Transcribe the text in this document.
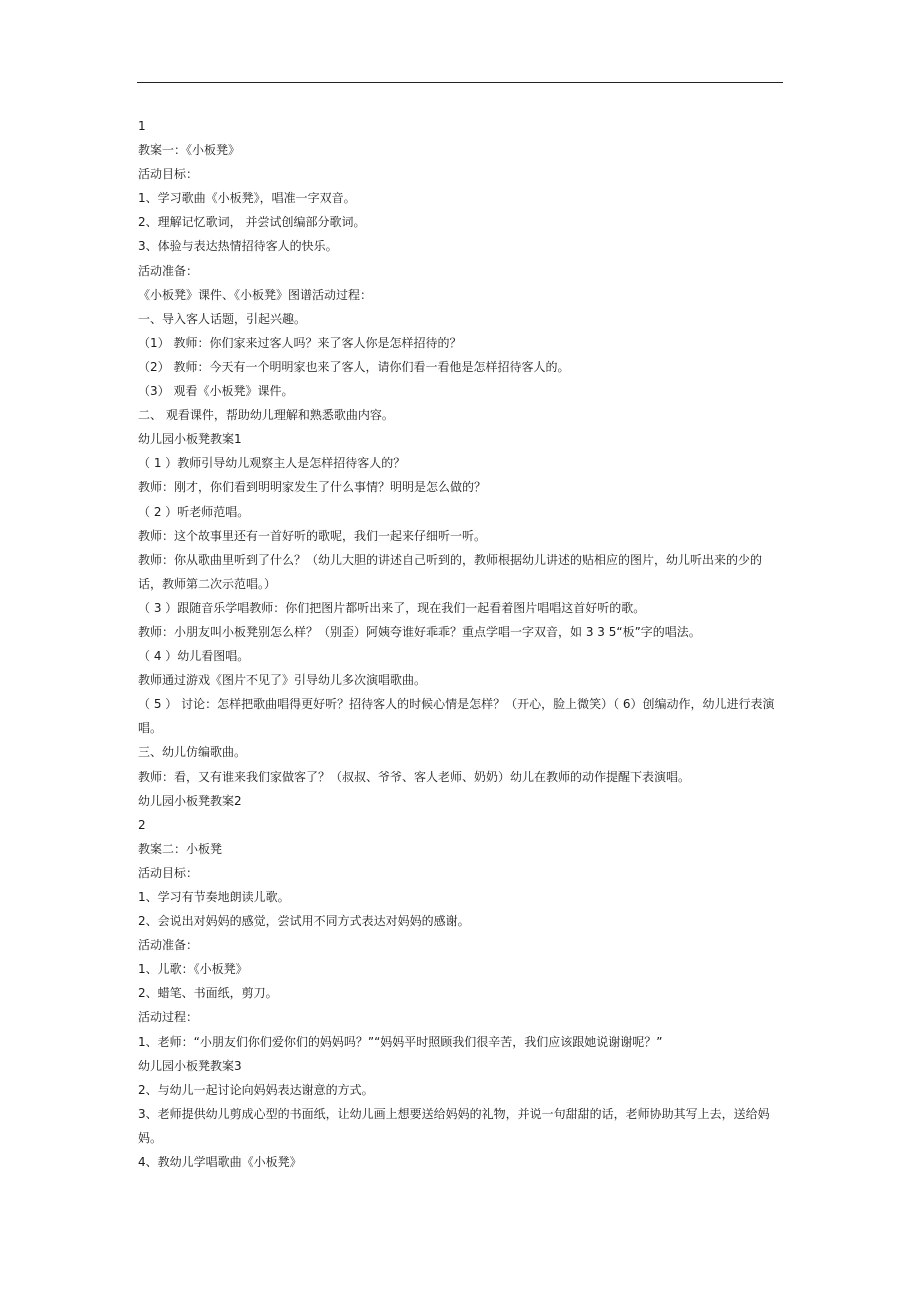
1
教案一：《小板凳》
活动目标：
1、学习歌曲《小板凳》，唱准一字双音。
2、理解记忆歌词， 并尝试创编部分歌词。
3、体验与表达热情招待客人的快乐。
活动准备：
《小板凳》课件、《小板凳》图谱活动过程：
一、导入客人话题，引起兴趣。
（1） 教师：你们家来过客人吗？来了客人你是怎样招待的？
（2） 教师：今天有一个明明家也来了客人，请你们看一看他是怎样招待客人的。
（3） 观看《小板凳》课件。
二、 观看课件，帮助幼儿理解和熟悉歌曲内容。
幼儿园小板凳教案1
（ 1 ）教师引导幼儿观察主人是怎样招待客人的？
教师：刚才，你们看到明明家发生了什么事情？明明是怎么做的？
（ 2 ）听老师范唱。
教师：这个故事里还有一首好听的歌呢，我们一起来仔细听一听。
教师：你从歌曲里听到了什么？（幼儿大胆的讲述自己听到的，教师根据幼儿讲述的贴相应的图片，幼儿听出来的少的话，教师第二次示范唱。）
（ 3 ）跟随音乐学唱教师：你们把图片都听出来了，现在我们一起看着图片唱唱这首好听的歌。
教师：小朋友叫小板凳别怎么样？（别歪）阿姨夸谁好乖乖？重点学唱一字双音，如 3 3 5“板”字的唱法。
（ 4 ）幼儿看图唱。
教师通过游戏《图片不见了》引导幼儿多次演唱歌曲。
（ 5 ） 讨论：怎样把歌曲唱得更好听？招待客人的时候心情是怎样？（开心，脸上微笑）（ 6）创编动作，幼儿进行表演唱。
三、幼儿仿编歌曲。
教师：看，又有谁来我们家做客了？（叔叔、爷爷、客人老师、奶奶）幼儿在教师的动作提醒下表演唱。
幼儿园小板凳教案2
2
教案二：小板凳
活动目标：
1、学习有节奏地朗读儿歌。
2、会说出对妈妈的感觉，尝试用不同方式表达对妈妈的感谢。
活动准备：
1、儿歌：《小板凳》
2、蜡笔、书面纸，剪刀。
活动过程：
1、老师：“小朋友们你们爱你们的妈妈吗？”“妈妈平时照顾我们很辛苦，我们应该跟她说谢谢呢？”
幼儿园小板凳教案3
2、与幼儿一起讨论向妈妈表达谢意的方式。
3、老师提供幼儿剪成心型的书面纸，让幼儿画上想要送给妈妈的礼物，并说一句甜甜的话，老师协助其写上去，送给妈妈。
4、教幼儿学唱歌曲《小板凳》
